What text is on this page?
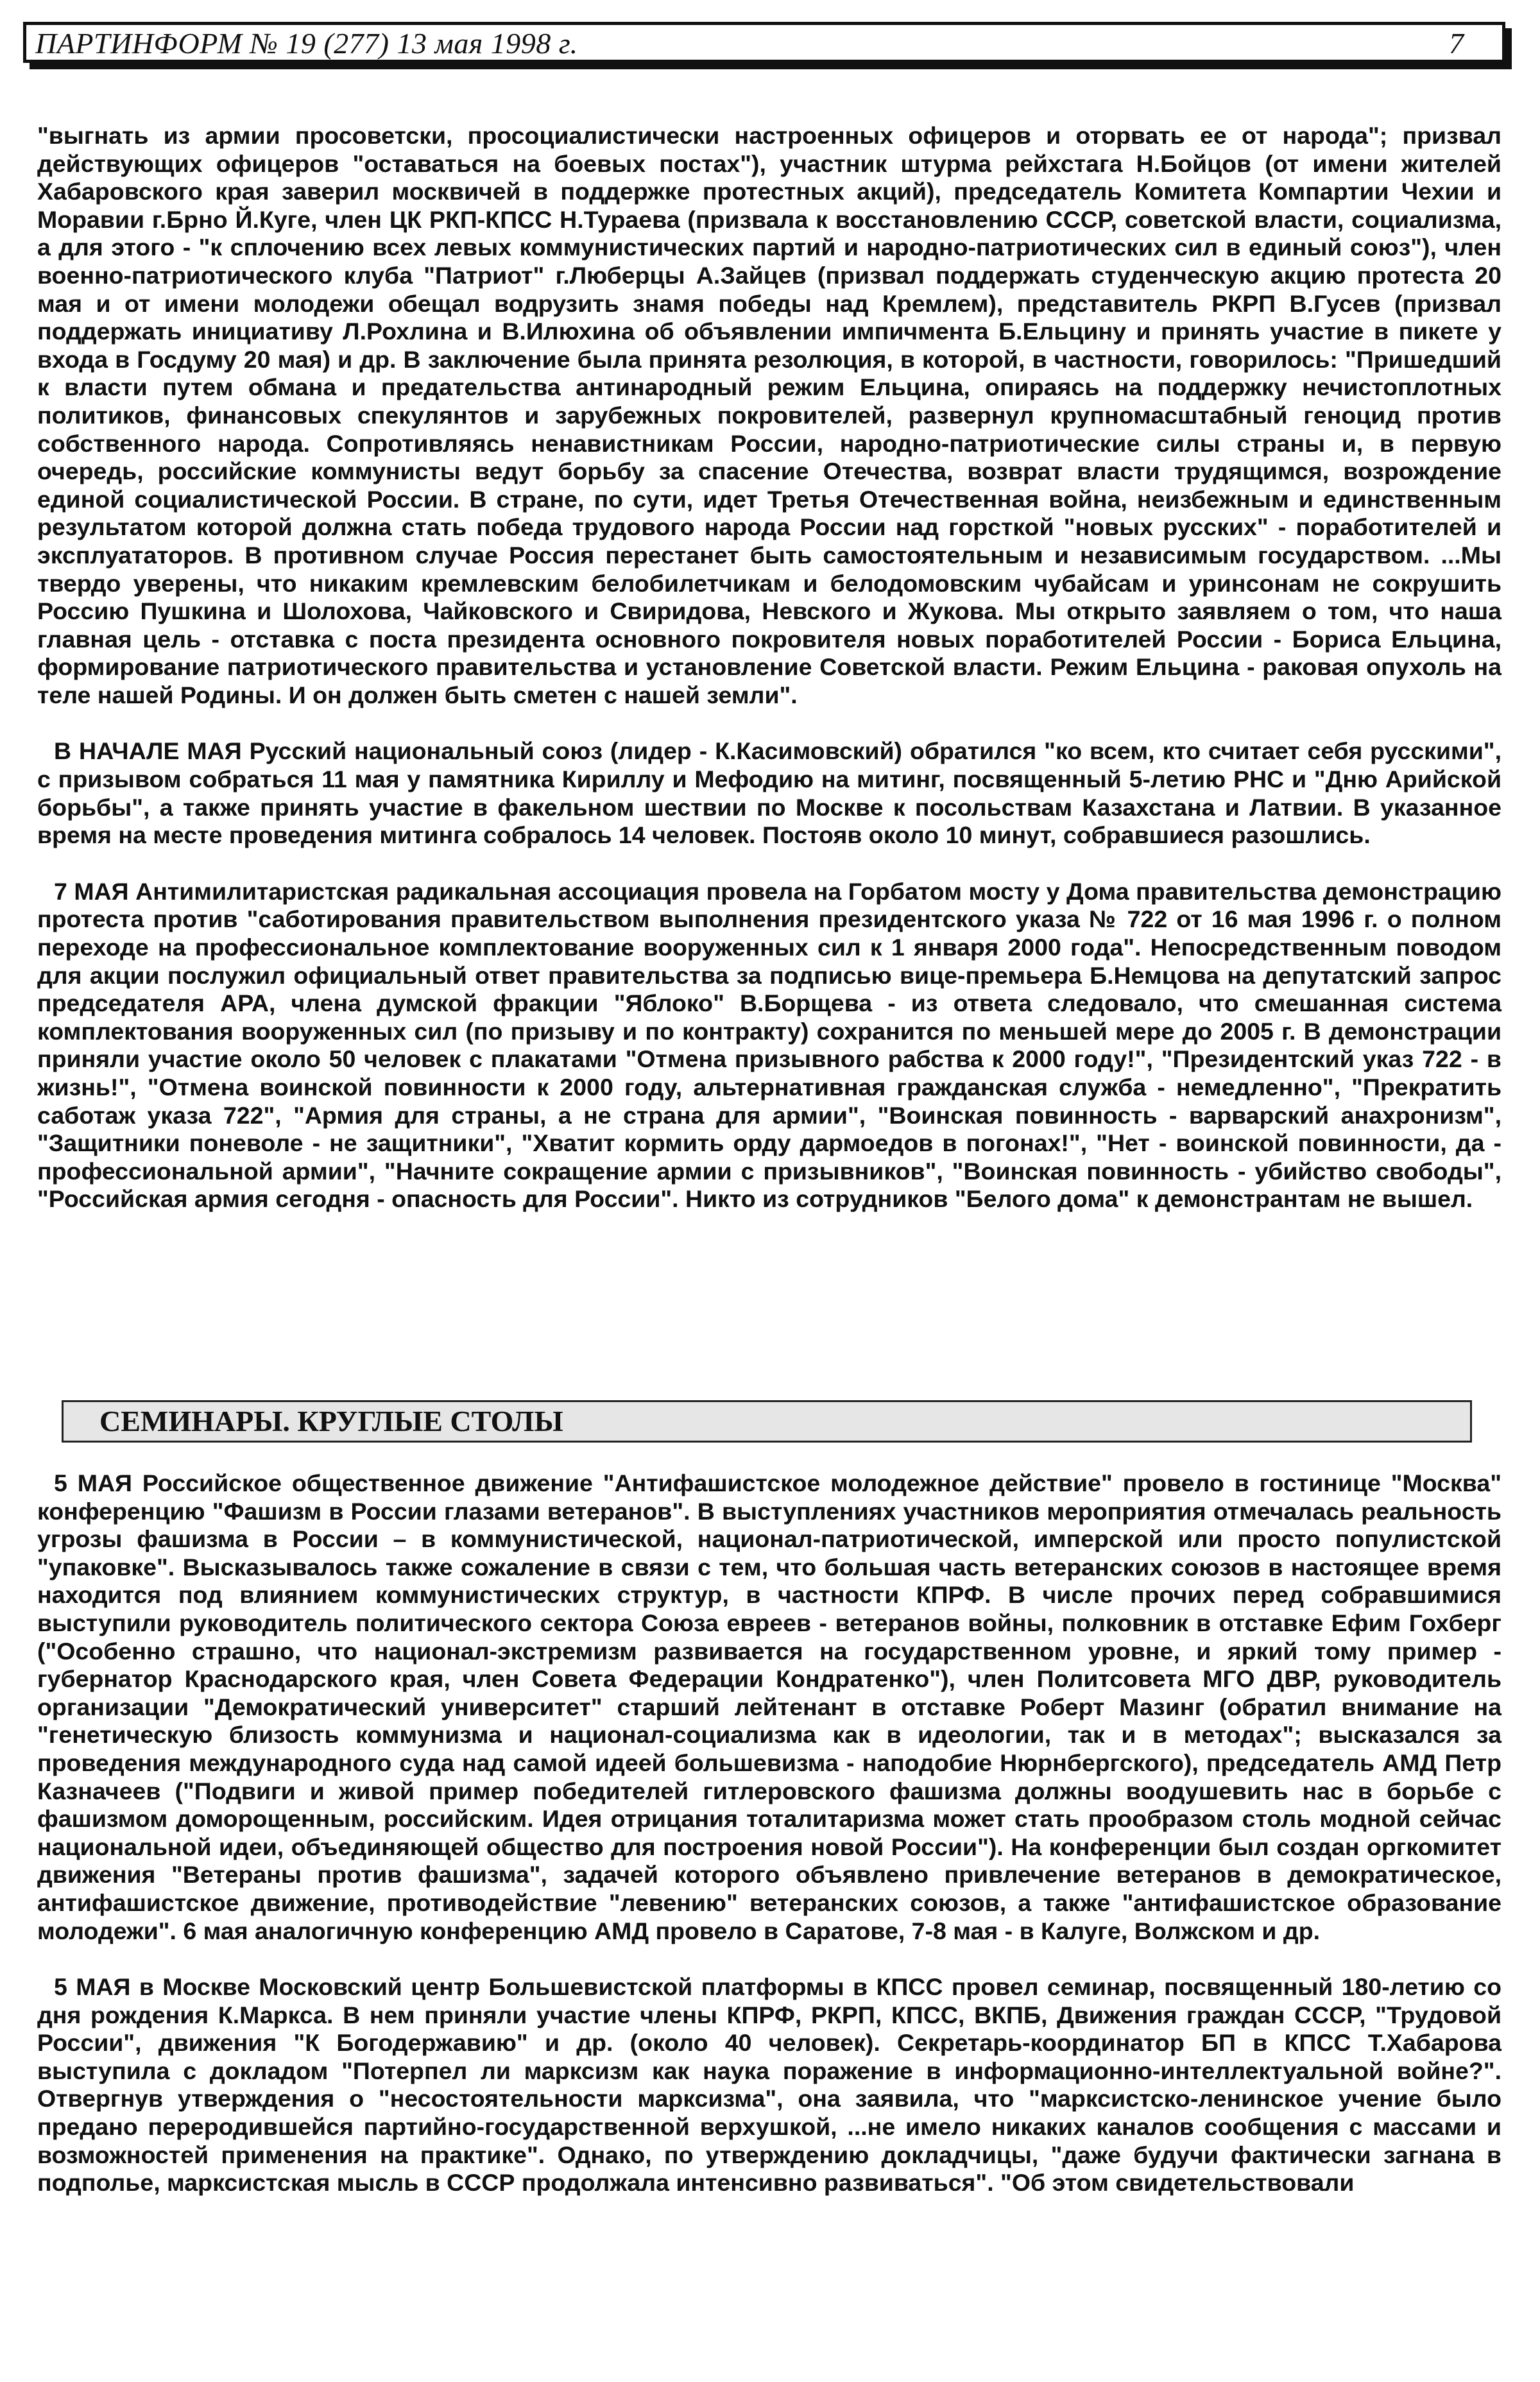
ПАРТИНФОРМ № 19 (277) 13 мая 1998 г.	7

"выгнать из армии просоветски, просоциалистически настроенных офицеров и оторвать ее от народа"; призвал действующих офицеров "оставаться на боевых постах"), участник штурма рейхстага Н.Бойцов (от имени жителей Хабаровского края заверил москвичей в поддержке протестных акций), председатель Комитета Компартии Чехии и Моравии г.Брно Й.Куге, член ЦК РКП-КПСС Н.Тураева (призвала к восстановлению СССР, советской власти, социализма, а для этого - "к сплочению всех левых коммунистических партий и народно-патриотических сил в единый союз"), член военно-патриотического клуба "Патриот" г.Люберцы А.Зайцев (призвал поддержать студенческую акцию протеста 20 мая и от имени молодежи обещал водрузить знамя победы над Кремлем), представитель РКРП В.Гусев (призвал поддержать инициативу Л.Рохлина и В.Илюхина об объявлении импичмента Б.Ельцину и принять участие в пикете у входа в Госдуму 20 мая) и др. В заключение была принята резолюция, в которой, в частности, говорилось: "Пришедший к власти путем обмана и предательства антинародный режим Ельцина, опираясь на поддержку нечистоплотных политиков, финансовых спекулянтов и зарубежных покровителей, развернул крупномасштабный геноцид против собственного народа. Сопротивляясь ненавистникам России, народно-патриотические силы страны и, в первую очередь, российские коммунисты ведут борьбу за спасение Отечества, возврат власти трудящимся, возрождение единой социалистической России. В стране, по сути, идет Третья Отечественная война, неизбежным и единственным результатом которой должна стать победа трудового народа России над горсткой "новых русских" - поработителей и эксплуататоров. В противном случае Россия перестанет быть самостоятельным и независимым государством. ...Мы твердо уверены, что никаким кремлевским белобилетчикам и белодомовским чубайсам и уринсонам не сокрушить Россию Пушкина и Шолохова, Чайковского и Свиридова, Невского и Жукова. Мы открыто заявляем о том, что наша главная цель - отставка с поста президента основного покровителя новых поработителей России - Бориса Ельцина, формирование патриотического правительства и установление Советской власти. Режим Ельцина - раковая опухоль на теле нашей Родины. И он должен быть сметен с нашей земли".

В НАЧАЛЕ МАЯ Русский национальный союз (лидер - К.Касимовский) обратился "ко всем, кто считает себя русскими", с призывом собраться 11 мая у памятника Кириллу и Мефодию на митинг, посвященный 5-летию РНС и "Дню Арийской борьбы", а также принять участие в факельном шествии по Москве к посольствам Казахстана и Латвии. В указанное время на месте проведения митинга собралось 14 человек. Постояв около 10 минут, собравшиеся разошлись.

7 МАЯ Антимилитаристская радикальная ассоциация провела на Горбатом мосту у Дома правительства демонстрацию протеста против "саботирования правительством выполнения президентского указа № 722 от 16 мая 1996 г. о полном переходе на профессиональное комплектование вооруженных сил к 1 января 2000 года". Непосредственным поводом для акции послужил официальный ответ правительства за подписью вице-премьера Б.Немцова на депутатский запрос председателя АРА, члена думской фракции "Яблоко" В.Борщева - из ответа следовало, что смешанная система комплектования вооруженных сил (по призыву и по контракту) сохранится по меньшей мере до 2005 г. В демонстрации приняли участие около 50 человек с плакатами "Отмена призывного рабства к 2000 году!", "Президентский указ 722 - в жизнь!", "Отмена воинской повинности к 2000 году, альтернативная гражданская служба - немедленно", "Прекратить саботаж указа 722", "Армия для страны, а не страна для армии", "Воинская повинность - варварский анахронизм", "Защитники поневоле - не защитники", "Хватит кормить орду дармоедов в погонах!", "Нет - воинской повинности, да - профессиональной армии", "Начните сокращение армии с призывников", "Воинская повинность - убийство свободы", "Российская армия сегодня - опасность для России". Никто из сотрудников "Белого дома" к демонстрантам не вышел.

СЕМИНАРЫ. КРУГЛЫЕ СТОЛЫ

5 МАЯ Российское общественное движение "Антифашистское молодежное действие" провело в гостинице "Москва" конференцию "Фашизм в России глазами ветеранов". В выступлениях участников мероприятия отмечалась реальность угрозы фашизма в России – в коммунистической, национал-патриотической, имперской или просто популистской "упаковке". Высказывалось также сожаление в связи с тем, что большая часть ветеранских союзов в настоящее время находится под влиянием коммунистических структур, в частности КПРФ. В числе прочих перед собравшимися выступили руководитель политического сектора Союза евреев - ветеранов войны, полковник в отставке Ефим Гохберг ("Особенно страшно, что национал-экстремизм развивается на государственном уровне, и яркий тому пример - губернатор Краснодарского края, член Совета Федерации Кондратенко"), член Политсовета МГО ДВР, руководитель организации "Демократический университет" старший лейтенант в отставке Роберт Мазинг (обратил внимание на "генетическую близость коммунизма и национал-социализма как в идеологии, так и в методах"; высказался за проведения международного суда над самой идеей большевизма - наподобие Нюрнбергского), председатель АМД Петр Казначеев ("Подвиги и живой пример победителей гитлеровского фашизма должны воодушевить нас в борьбе с фашизмом доморощенным, российским. Идея отрицания тоталитаризма может стать прообразом столь модной сейчас национальной идеи, объединяющей общество для построения новой России"). На конференции был создан оргкомитет движения "Ветераны против фашизма", задачей которого объявлено привлечение ветеранов в демократическое, антифашистское движение, противодействие "левению" ветеранских союзов, а также "антифашистское образование молодежи". 6 мая аналогичную конференцию АМД провело в Саратове, 7-8 мая - в Калуге, Волжском и др.

5 МАЯ в Москве Московский центр Большевистской платформы в КПСС провел семинар, посвященный 180-летию со дня рождения К.Маркса. В нем приняли участие члены КПРФ, РКРП, КПСС, ВКПБ, Движения граждан СССР, "Трудовой России", движения "К Богодержавию" и др. (около 40 человек). Секретарь-координатор БП в КПСС Т.Хабарова выступила с докладом "Потерпел ли марксизм как наука поражение в информационно-интеллектуальной войне?". Отвергнув утверждения о "несостоятельности марксизма", она заявила, что "марксистско-ленинское учение было предано переродившейся партийно-государственной верхушкой, ...не имело никаких каналов сообщения с массами и возможностей применения на практике". Однако, по утверждению докладчицы, "даже будучи фактически загнана в подполье, марксистская мысль в СССР продолжала интенсивно развиваться". "Об этом свидетельствовали
